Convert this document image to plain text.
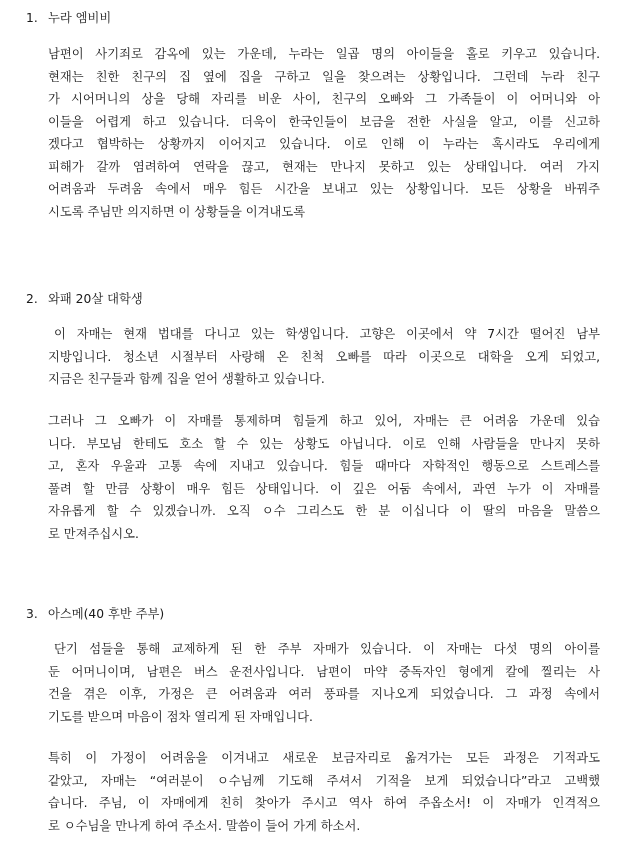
1. 누라 엠비비
남편이 사기죄로 감옥에 있는 가운데, 누라는 일곱 명의 아이들을 홀로 키우고 있습니다.
현재는 친한 친구의 집 옆에 집을 구하고 일을 찾으려는 상황입니다. 그런데 누라 친구
가 시어머니의 상을 당해 자리를 비운 사이, 친구의 오빠와 그 가족들이 이 어머니와 아
이들을 어렵게 하고 있습니다. 더욱이 한국인들이 보금을 전한 사실을 알고, 이를 신고하
겠다고 협박하는 상황까지 이어지고 있습니다. 이로 인해 이 누라는 혹시라도 우리에게
피해가 갈까 염려하여 연락을 끊고, 현재는 만나지 못하고 있는 상태입니다. 여러 가지
어려움과 두려움 속에서 매우 힘든 시간을 보내고 있는 상황입니다. 모든 상황을 바꿔주
시도록 주님만 의지하면 이 상황들을 이겨내도록
2. 와패 20살 대학생
이 자매는 현재 법대를 다니고 있는 학생입니다. 고향은 이곳에서 약 7시간 떨어진 남부
지방입니다. 청소년 시절부터 사랑해 온 친척 오빠를 따라 이곳으로 대학을 오게 되었고,
지금은 친구들과 함께 집을 얻어 생활하고 있습니다.
그러나 그 오빠가 이 자매를 통제하며 힘들게 하고 있어, 자매는 큰 어려움 가운데 있습
니다. 부모님 한테도 호소 할 수 있는 상황도 아닙니다. 이로 인해 사람들을 만나지 못하
고, 혼자 우울과 고통 속에 지내고 있습니다. 힘들 때마다 자학적인 행동으로 스트레스를
풀려 할 만큼 상황이 매우 힘든 상태입니다. 이 깊은 어둠 속에서, 과연 누가 이 자매를
자유롭게 할 수 있겠습니까. 오직 ㅇ수 그리스도 한 분 이십니다 이 딸의 마음을 말씀으
로 만져주십시오.
3. 아스메(40 후반 주부)
단기 섬들을 통해 교제하게 된 한 주부 자매가 있습니다. 이 자매는 다섯 명의 아이를
둔 어머니이며, 남편은 버스 운전사입니다. 남편이 마약 중독자인 형에게 칼에 찔리는 사
건을 겪은 이후, 가정은 큰 어려움과 여러 풍파를 지나오게 되었습니다. 그 과정 속에서
기도를 받으며 마음이 점차 열리게 된 자매입니다.
특히 이 가정이 어려움을 이겨내고 새로운 보금자리로 옮겨가는 모든 과정은 기적과도
같았고, 자매는 “여러분이 ㅇ수님께 기도해 주셔서 기적을 보게 되었습니다”라고 고백했
습니다. 주님, 이 자매에게 친히 찾아가 주시고 역사 하여 주옵소서! 이 자매가 인격적으
로 ㅇ수님을 만나게 하여 주소서. 말씀이 들어 가게 하소서.
